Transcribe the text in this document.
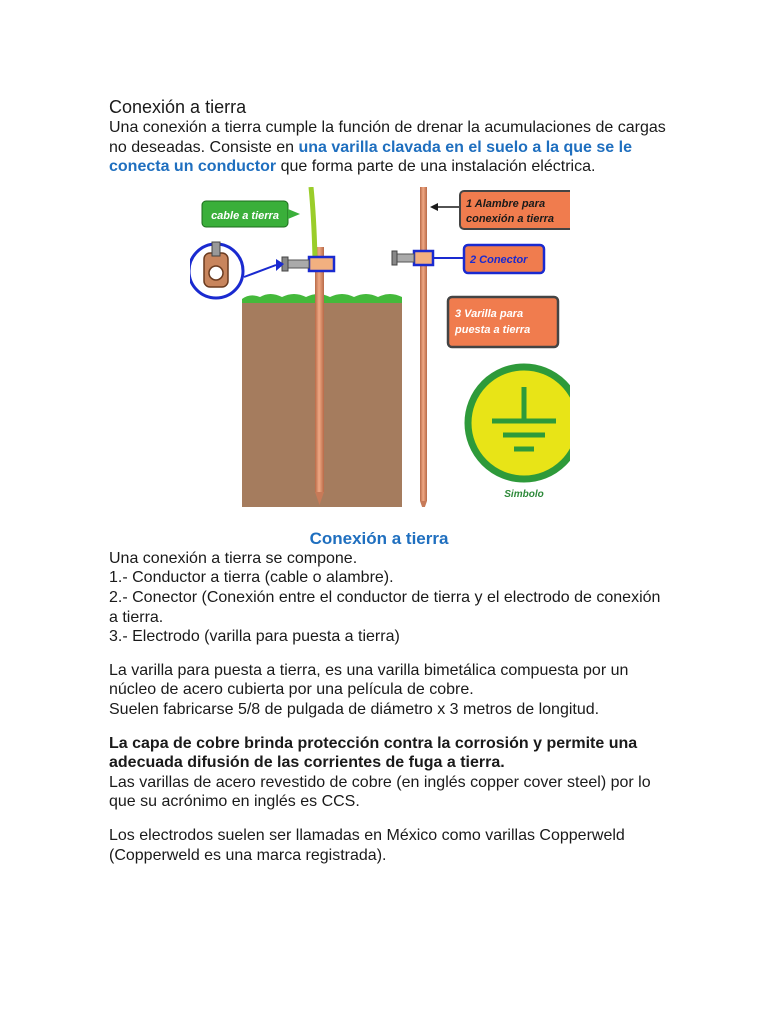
Conexión a tierra

Una conexión a tierra cumple la función de drenar la acumulaciones de cargas no deseadas. Consiste en una varilla clavada en el suelo a la que se le conecta un conductor que forma parte de una instalación eléctrica.

cable a tierra
1 Alambre para
conexión a tierra
2 Conector
3 Varilla para
puesta a tierra
Simbolo

Conexión a tierra

Una conexión a tierra se compone.

1.- Conductor a tierra (cable o alambre).

2.- Conector (Conexión entre el conductor de tierra y el electrodo de conexión a tierra.

3.- Electrodo (varilla para puesta a tierra)

La varilla para puesta a tierra, es una varilla bimetálica compuesta por un núcleo de acero cubierta por una película de cobre.

Suelen fabricarse 5/8 de pulgada de diámetro x 3 metros de longitud.

La capa de cobre brinda protección contra la corrosión y permite una adecuada difusión de las corrientes de fuga a tierra.

Las varillas de acero revestido de cobre (en inglés copper cover steel) por lo que su acrónimo en inglés es CCS.

Los electrodos suelen ser llamadas en México como varillas Copperweld (Copperweld es una marca registrada).
